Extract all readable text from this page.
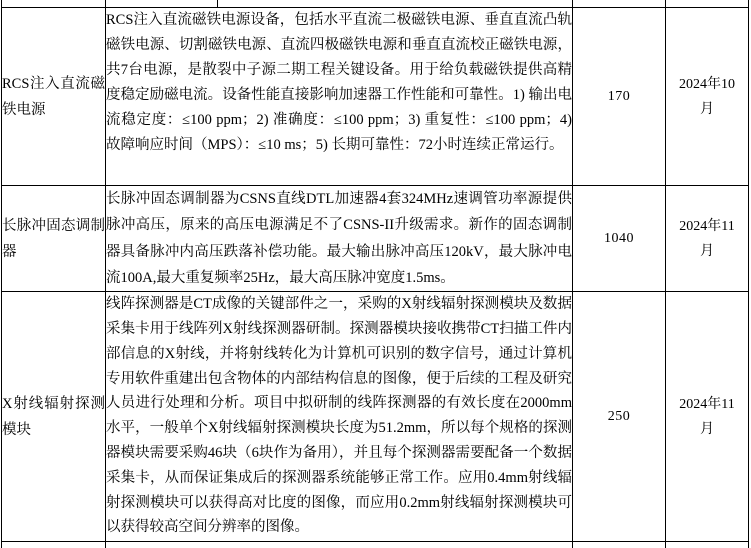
RCS注入直流磁铁电源	RCS注入直流磁铁电源设备，包括水平直流二极磁铁电源、垂直直流凸轨磁铁电源、切割磁铁电源、直流四极磁铁电源和垂直直流校正磁铁电源，共7台电源，是散裂中子源二期工程关键设备。用于给负载磁铁提供高精度稳定励磁电流。设备性能直接影响加速器工作性能和可靠性。1) 输出电流稳定度：≤100 ppm；2) 准确度：≤100 ppm；3) 重复性：≤100 ppm；4) 故障响应时间（MPS）：≤10 ms；5) 长期可靠性：72小时连续正常运行。		170	2024年10月

长脉冲固态调制器	长脉冲固态调制器为CSNS直线DTL加速器4套324MHz速调管功率源提供脉冲高压，原来的高压电源满足不了CSNS-II升级需求。新作的固态调制器具备脉冲内高压跌落补偿功能。最大输出脉冲高压120kV，最大脉冲电流100A,最大重复频率25Hz，最大高压脉冲宽度1.5ms。		1040	2024年11月

X射线辐射探测模块	线阵探测器是CT成像的关键部件之一，采购的X射线辐射探测模块及数据采集卡用于线阵列X射线探测器研制。探测器模块接收携带CT扫描工件内部信息的X射线，并将射线转化为计算机可识别的数字信号，通过计算机专用软件重建出包含物体的内部结构信息的图像，便于后续的工程及研究人员进行处理和分析。项目中拟研制的线阵探测器的有效长度在2000mm水平，一般单个X射线辐射探测模块长度为51.2mm，所以每个规格的探测器模块需要采购46块（6块作为备用），并且每个探测器需要配备一个数据采集卡，从而保证集成后的探测器系统能够正常工作。应用0.4mm射线辐射探测模块可以获得高对比度的图像，而应用0.2mm射线辐射探测模块可以获得较高空间分辨率的图像。		250	2024年11月
